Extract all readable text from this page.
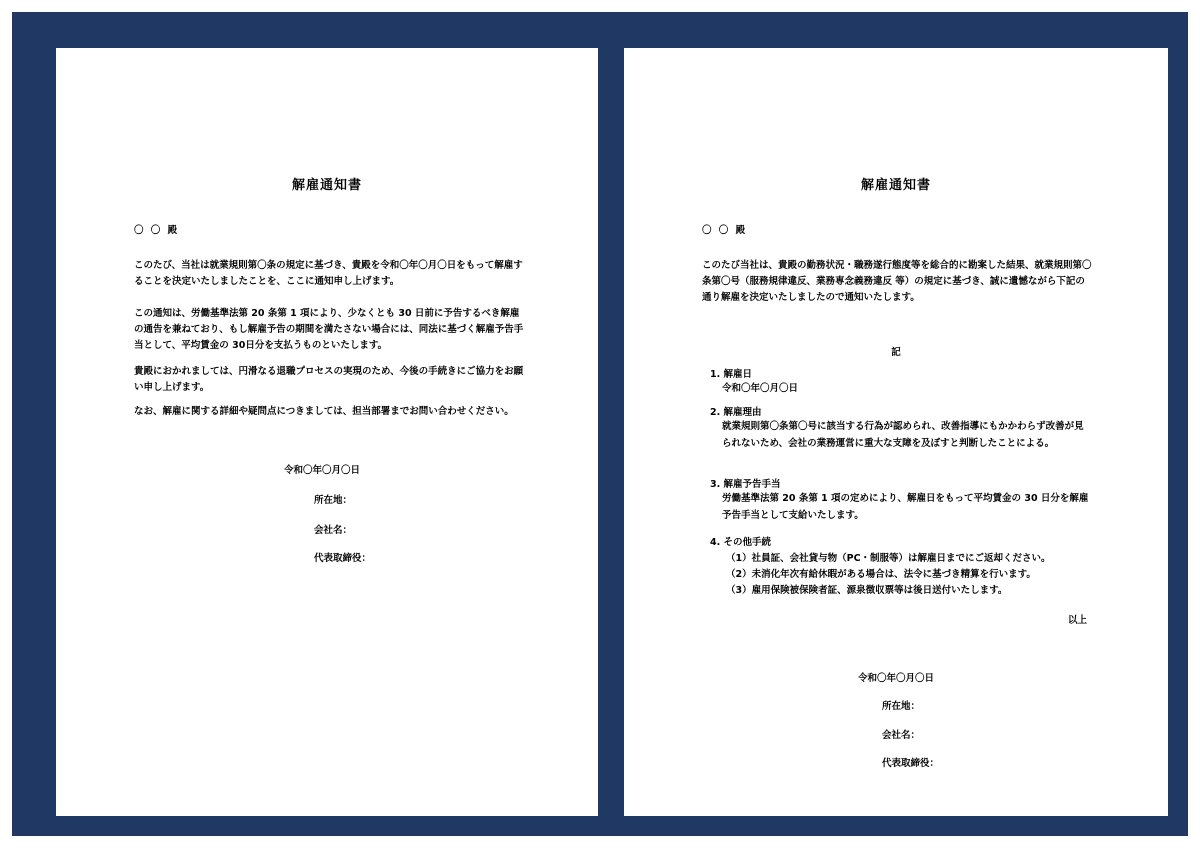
解雇通知書
〇 〇 殿

このたび、当社は就業規則第〇条の規定に基づき、貴殿を令和〇年〇月〇日をもって解雇することを決定いたしましたことを、ここに通知申し上げます。

この通知は、労働基準法第 20 条第 1 項により、少なくとも 30 日前に予告するべき解雇の通告を兼ねており、もし解雇予告の期間を満たさない場合には、同法に基づく解雇予告手当として、平均賃金の 30日分を支払うものといたします。

貴殿におかれましては、円滑なる退職プロセスの実現のため、今後の手続きにご協力をお願い申し上げます。

なお、解雇に関する詳細や疑問点につきましては、担当部署までお問い合わせください。

令和〇年〇月〇日
所在地：
会社名：
代表取締役：
解雇通知書
〇 〇 殿

このたび当社は、貴殿の勤務状況・職務遂行態度等を総合的に勘案した結果、就業規則第〇条第〇号（服務規律違反、業務専念義務違反 等）の規定に基づき、誠に遺憾ながら下記の通り解雇を決定いたしましたので通知いたします。

記
1. 解雇日
令和〇年〇月〇日
2. 解雇理由
就業規則第〇条第〇号に該当する行為が認められ、改善指導にもかかわらず改善が見られないため、会社の業務運営に重大な支障を及ぼすと判断したことによる。
3. 解雇予告手当
労働基準法第 20 条第 1 項の定めにより、解雇日をもって平均賃金の 30 日分を解雇予告手当として支給いたします。
4. その他手続
（1）社員証、会社貸与物（PC・制服等）は解雇日までにご返却ください。
（2）未消化年次有給休暇がある場合は、法令に基づき精算を行います。
（3）雇用保険被保険者証、源泉徴収票等は後日送付いたします。
以上
令和〇年〇月〇日
所在地：
会社名：
代表取締役：
